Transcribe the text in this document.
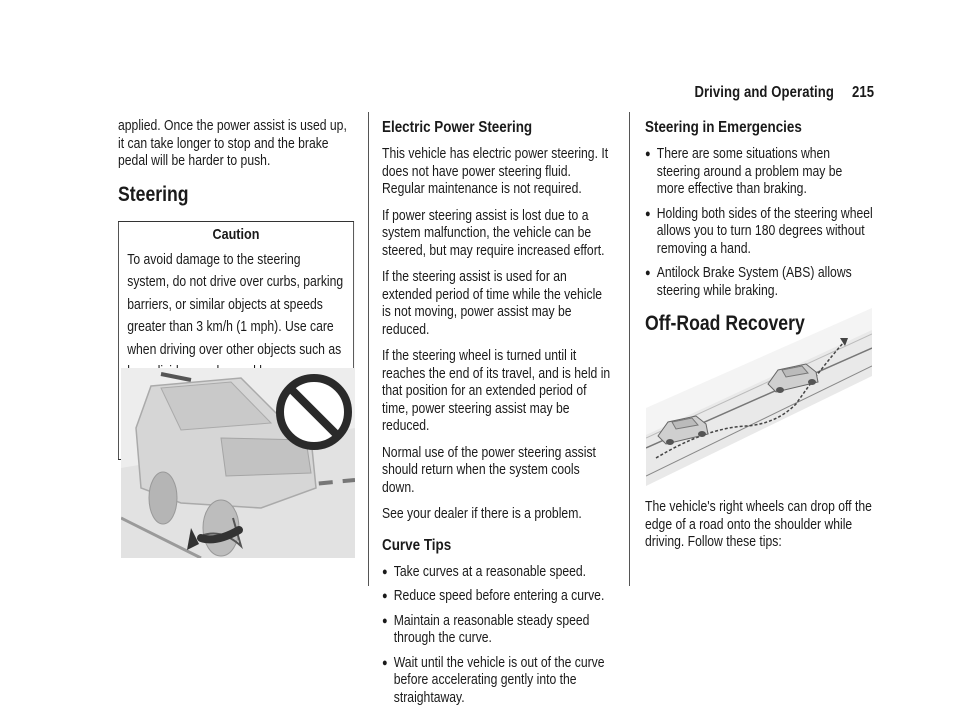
Driving and Operating 215

applied. Once the power assist is used up, it can take longer to stop and the brake pedal will be harder to push.

Steering
Caution
To avoid damage to the steering system, do not drive over curbs, parking barriers, or similar objects at speeds greater than 3 km/h (1 mph). Use care when driving over other objects such as
Electric Power Steering

This vehicle has electric power steering. It does not have power steering fluid. Regular maintenance is not required.

If power steering assist is lost due to a system malfunction, the vehicle can be steered, but may require increased effort.

If the steering assist is used for an extended period of time while the vehicle is not moving, power assist may be reduced.

If the steering wheel is turned until it reaches the end of its travel, and is held in that position for an extended period of time, power steering assist may be reduced.

Normal use of the power steering assist should return when the system cools down.

See your dealer if there is a problem.

Curve Tips
● Take curves at a reasonable speed.
● Reduce speed before entering a curve.
● Maintain a reasonable steady speed through the curve.
● Wait until the vehicle is out of the curve before accelerating gently into the straightaway.
Steering in Emergencies
● There are some situations when steering around a problem may be more effective than braking.
● Holding both sides of the steering wheel allows you to turn 180 degrees without removing a hand.
● Antilock Brake System (ABS) allows steering while braking.
Off-Road Recovery

The vehicle's right wheels can drop off the edge of a road onto the shoulder while driving. Follow these tips:
